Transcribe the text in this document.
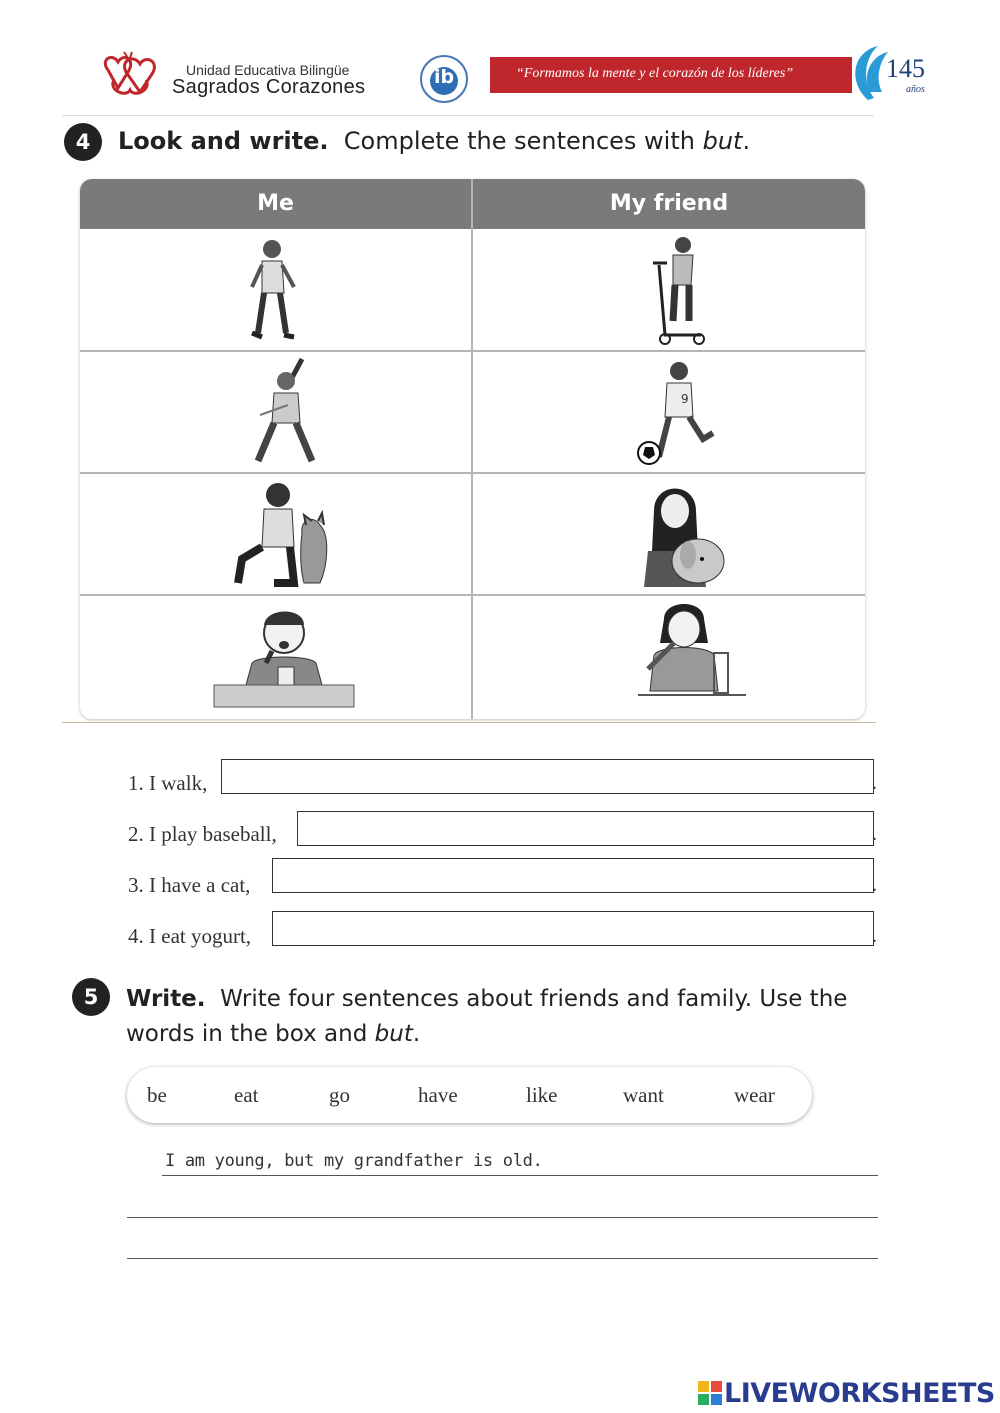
Unidad Educativa Bilingüe
Sagrados Corazones	ib	“Formamos la mente y el corazón de los líderes”	145
años
4	Look and write. Complete the sentences with but.
Me	My friend
9
1. I walk,	.
2. I play baseball,	.
3. I have a cat,	.
4. I eat yogurt,	.
5	Write. Write four sentences about friends and family. Use the
words in the box and but.
be	eat	go	have	like	want	wear
I am young, but my grandfather is old.
LIVEWORKSHEETS
